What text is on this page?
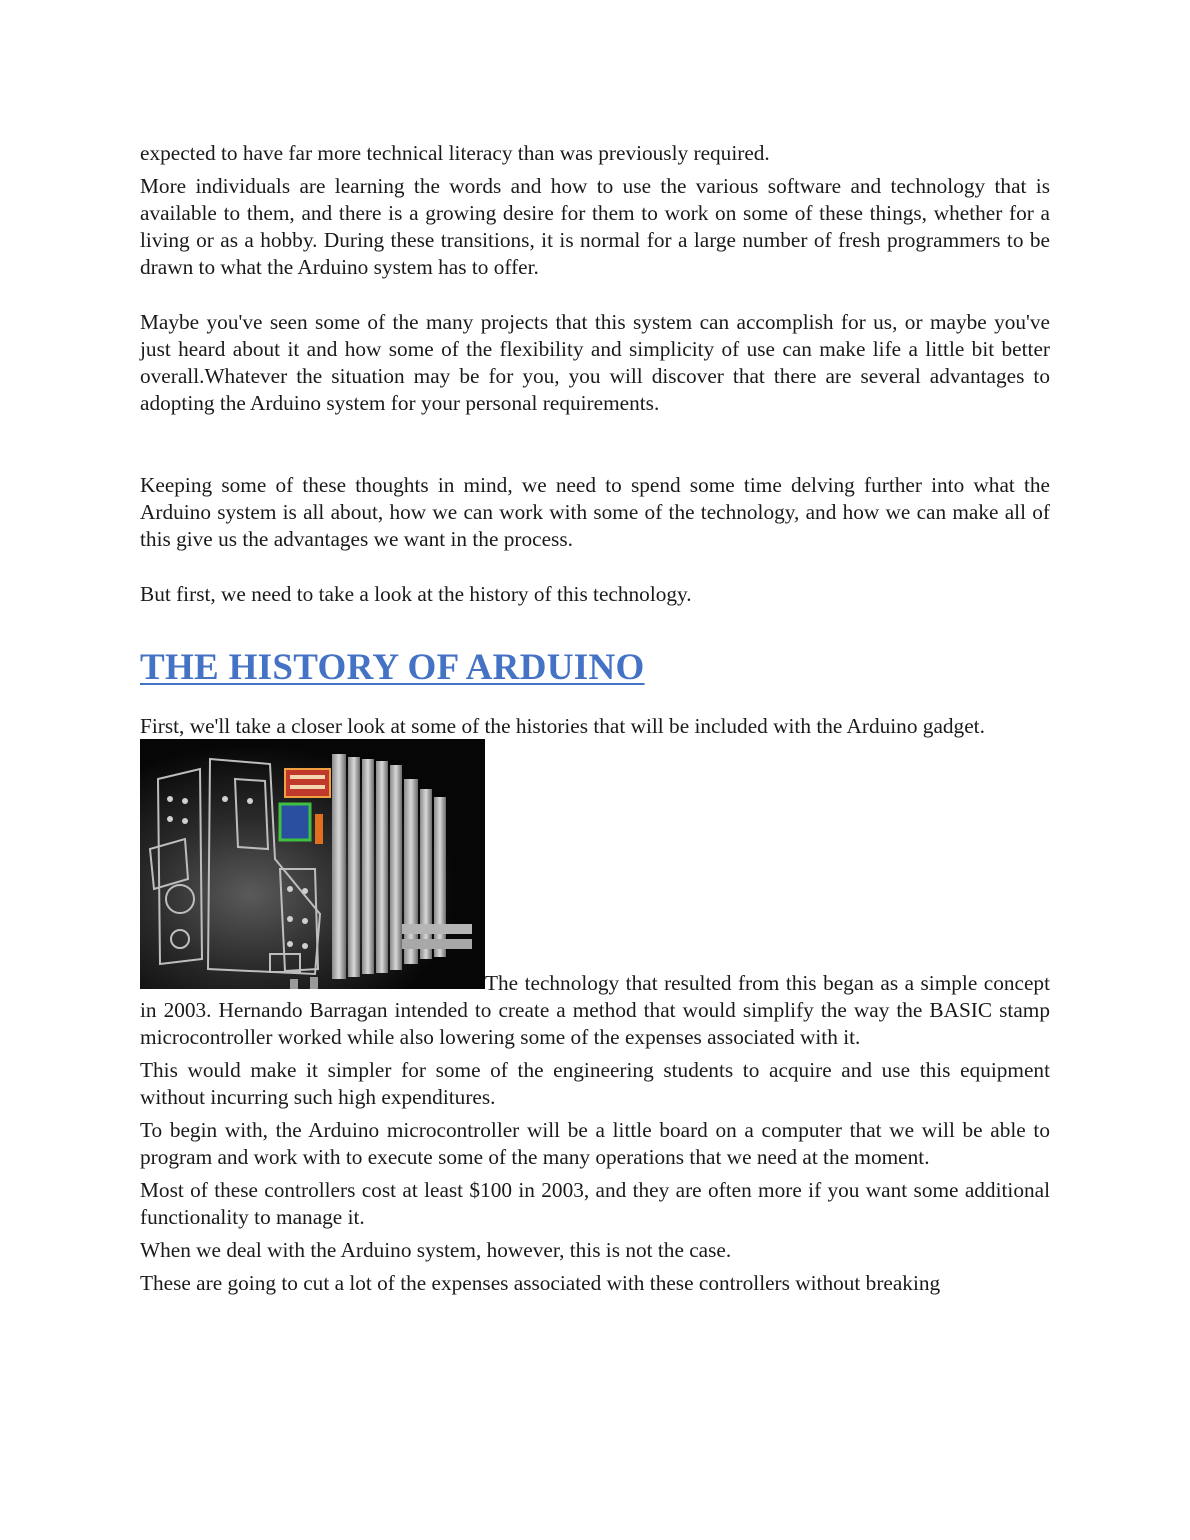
expected to have far more technical literacy than was previously required.

More individuals are learning the words and how to use the various software and technology that is available to them, and there is a growing desire for them to work on some of these things, whether for a living or as a hobby. During these transitions, it is normal for a large number of fresh programmers to be drawn to what the Arduino system has to offer.

Maybe you've seen some of the many projects that this system can accomplish for us, or maybe you've just heard about it and how some of the flexibility and simplicity of use can make life a little bit better overall.Whatever the situation may be for you, you will discover that there are several advantages to adopting the Arduino system for your personal requirements.

Keeping some of these thoughts in mind, we need to spend some time delving further into what the Arduino system is all about, how we can work with some of the technology, and how we can make all of this give us the advantages we want in the process.

But first, we need to take a look at the history of this technology.

THE HISTORY OF ARDUINO

First, we'll take a closer look at some of the histories that will be included with the Arduino gadget.

The technology that resulted from this began as a simple concept in 2003. Hernando Barragan intended to create a method that would simplify the way the BASIC stamp microcontroller worked while also lowering some of the expenses associated with it.

This would make it simpler for some of the engineering students to acquire and use this equipment without incurring such high expenditures.

To begin with, the Arduino microcontroller will be a little board on a computer that we will be able to program and work with to execute some of the many operations that we need at the moment.

Most of these controllers cost at least $100 in 2003, and they are often more if you want some additional functionality to manage it.

When we deal with the Arduino system, however, this is not the case.

These are going to cut a lot of the expenses associated with these controllers without breaking
